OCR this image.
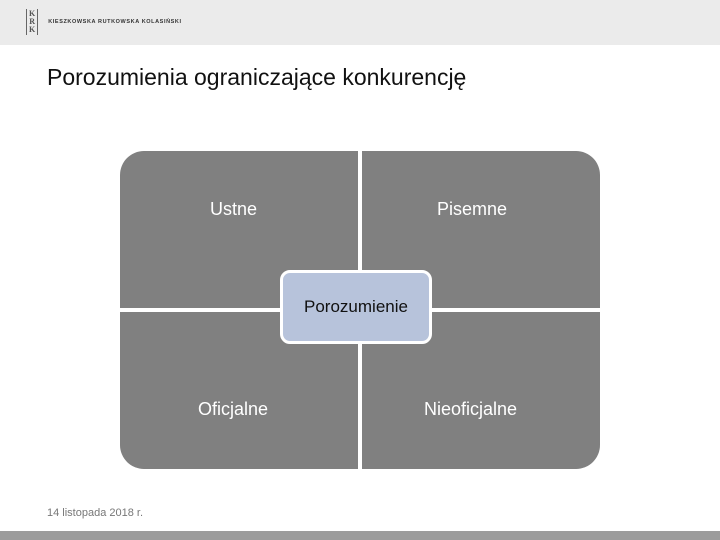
K
R
K
KIESZKOWSKA RUTKOWSKA KOLASIŃSKI
Porozumienia ograniczające konkurencję
Ustne	Pisemne
Oficjalne	Nieoficjalne
Porozumienie
14 listopada 2018 r.
